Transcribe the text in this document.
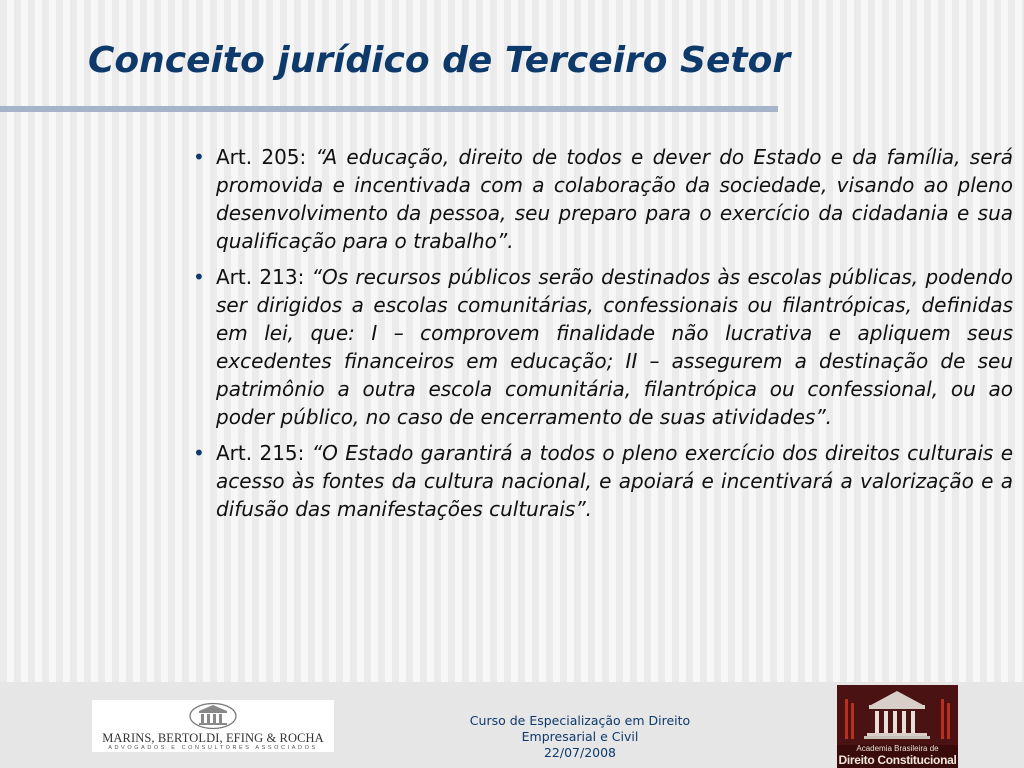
Conceito jurídico de Terceiro Setor
• Art. 205: “A educação, direito de todos e dever do Estado e da família, será promovida e incentivada com a colaboração da sociedade, visando ao pleno desenvolvimento da pessoa, seu preparo para o exercício da cidadania e sua qualificação para o trabalho”.
• Art. 213: “Os recursos públicos serão destinados às escolas públicas, podendo ser dirigidos a escolas comunitárias, confessionais ou filantrópicas, definidas em lei, que: I – comprovem finalidade não lucrativa e apliquem seus excedentes financeiros em educação; II – assegurem a destinação de seu patrimônio a outra escola comunitária, filantrópica ou confessional, ou ao poder público, no caso de encerramento de suas atividades”.
• Art. 215: “O Estado garantirá a todos o pleno exercício dos direitos culturais e acesso às fontes da cultura nacional, e apoiará e incentivará a valorização e a difusão das manifestações culturais”.
MARINS, BERTOLDI, EFING & ROCHA
ADVOGADOS E CONSULTORES ASSOCIADOS
Curso de Especialização em Direito
Empresarial e Civil
22/07/2008	Academia Brasileira de
Direito Constitucional
